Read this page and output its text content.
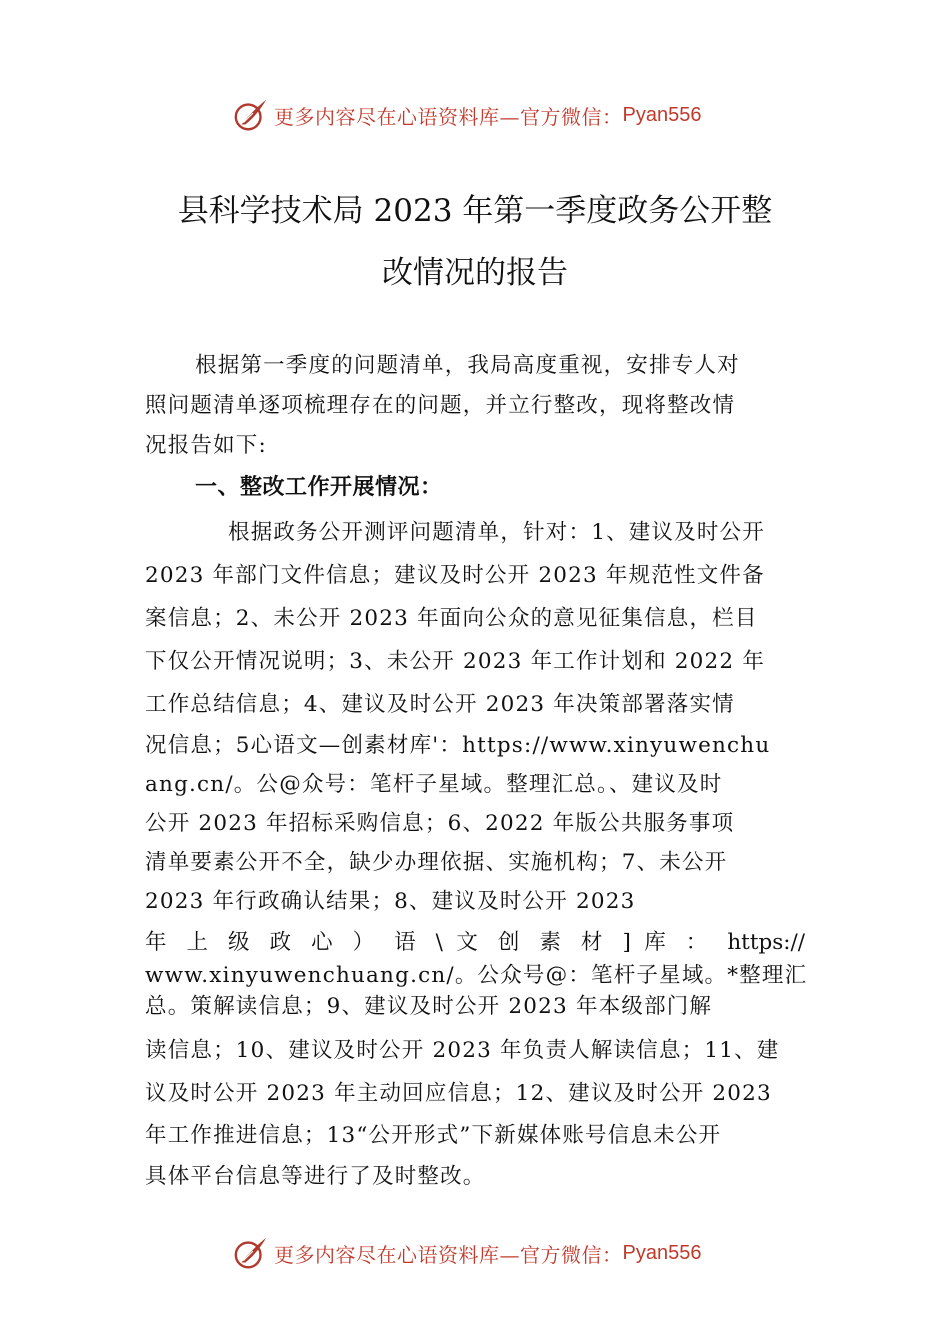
更多内容尽在心语资料库—官方微信： Pyan556
县科学技术局 2023 年第一季度政务公开整
改情况的报告
根据第一季度的问题清单，我局高度重视，安排专人对
照问题清单逐项梳理存在的问题，并立行整改，现将整改情
况报告如下:
一、整改工作开展情况：
根据政务公开测评问题清单，针对：1、建议及时公开
2023 年部门文件信息；建议及时公开 2023 年规范性文件备
案信息；2、未公开 2023 年面向公众的意见征集信息，栏目
下仅公开情况说明；3、未公开 2023 年工作计划和 2022 年
工作总结信息；4、建议及时公开 2023 年决策部署落实情
况信息；5心语文—创素材库'：https://www.xinyuwenchu
ang.cn/。公@众号：笔杆子星域。整理汇总。、建议及时
公开 2023 年招标采购信息；6、2022 年版公共服务事项
清单要素公开不全，缺少办理依据、实施机构；7、未公开
2023 年行政确认结果；8、建议及时公开 2023
年 上 级 政 心 ） 语 \ 文 创 素 材 ] 库 ： https://
www.xinyuwenchuang.cn/。公众号@：笔杆子星域。*整理汇
总。策解读信息；9、建议及时公开 2023 年本级部门解
读信息；10、建议及时公开 2023 年负责人解读信息；11、建
议及时公开 2023 年主动回应信息；12、建议及时公开 2023
年工作推进信息；13“公开形式”下新媒体账号信息未公开
具体平台信息等进行了及时整改。
更多内容尽在心语资料库—官方微信： Pyan556
